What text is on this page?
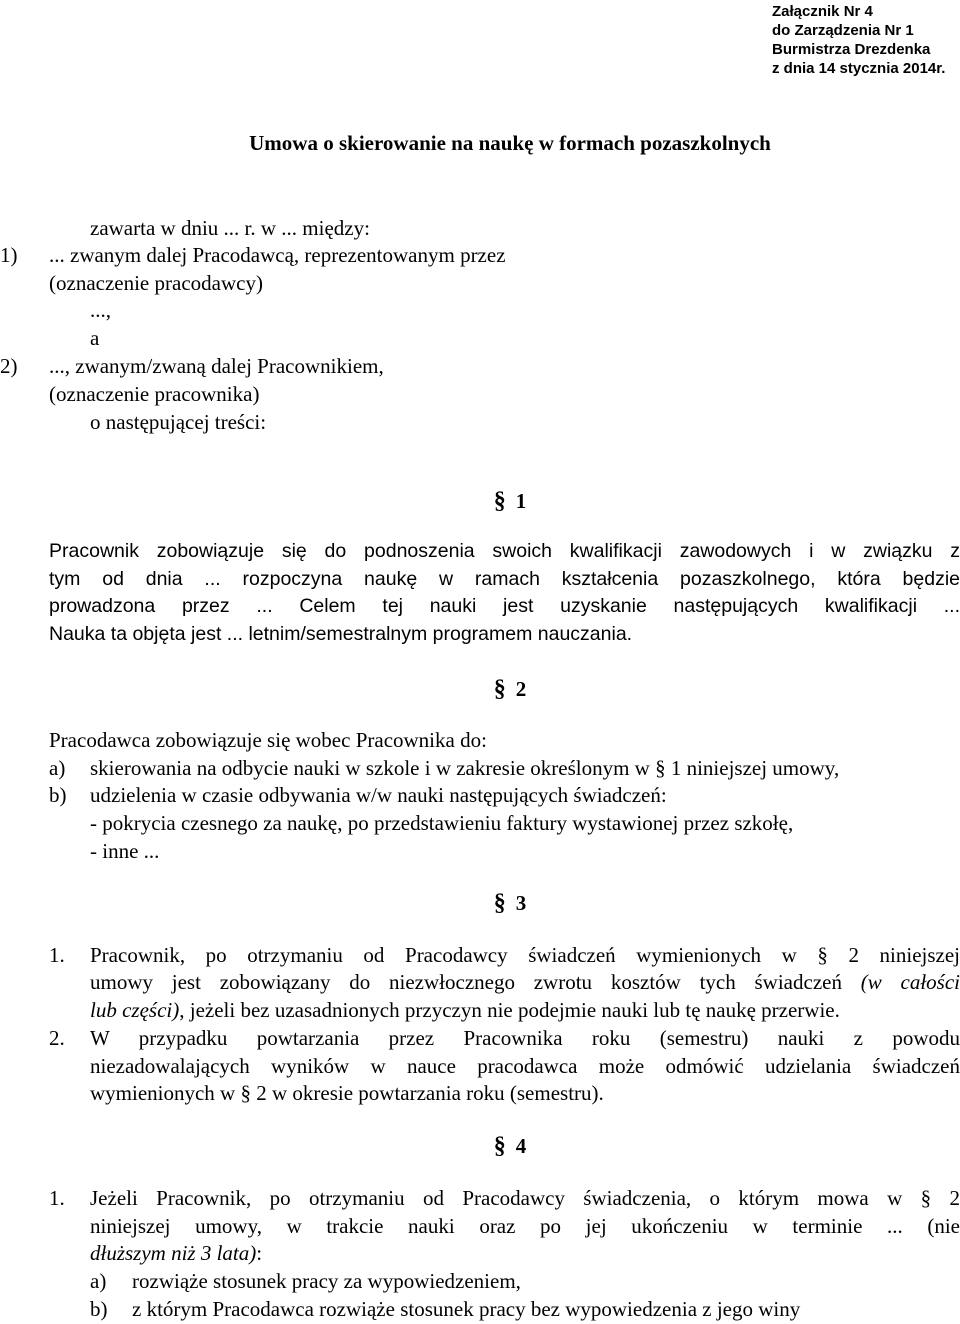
Załącznik Nr 4
do Zarządzenia Nr 1
Burmistrza Drezdenka
z dnia 14 stycznia 2014r.
Umowa o skierowanie na naukę w formach pozaszkolnych
zawarta w dniu ... r. w ... między:
1) ... zwanym dalej Pracodawcą, reprezentowanym przez
(oznaczenie pracodawcy)
...,
a
2) ..., zwanym/zwaną dalej Pracownikiem,
(oznaczenie pracownika)
o następującej treści:
§ 1
Pracownik zobowiązuje się do podnoszenia swoich kwalifikacji zawodowych i w związku z
tym od dnia ... rozpoczyna naukę w ramach kształcenia pozaszkolnego, która będzie
prowadzona przez ... Celem tej nauki jest uzyskanie następujących kwalifikacji ...
Nauka ta objęta jest ... letnim/semestralnym programem nauczania.
§ 2
Pracodawca zobowiązuje się wobec Pracownika do:
a) skierowania na odbycie nauki w szkole i w zakresie określonym w § 1 niniejszej umowy,
b) udzielenia w czasie odbywania w/w nauki następujących świadczeń:
- pokrycia czesnego za naukę, po przedstawieniu faktury wystawionej przez szkołę,
- inne ...
§ 3
1. Pracownik, po otrzymaniu od Pracodawcy świadczeń wymienionych w § 2 niniejszej
umowy jest zobowiązany do niezwłocznego zwrotu kosztów tych świadczeń (w całości
lub części), jeżeli bez uzasadnionych przyczyn nie podejmie nauki lub tę naukę przerwie.
2. W przypadku powtarzania przez Pracownika roku (semestru) nauki z powodu
niezadowalających wyników w nauce pracodawca może odmówić udzielania świadczeń
wymienionych w § 2 w okresie powtarzania roku (semestru).
§ 4
1. Jeżeli Pracownik, po otrzymaniu od Pracodawcy świadczenia, o którym mowa w § 2
niniejszej umowy, w trakcie nauki oraz po jej ukończeniu w terminie ... (nie
dłuższym niż 3 lata):
a) rozwiąże stosunek pracy za wypowiedzeniem,
b) z którym Pracodawca rozwiąże stosunek pracy bez wypowiedzenia z jego winy
